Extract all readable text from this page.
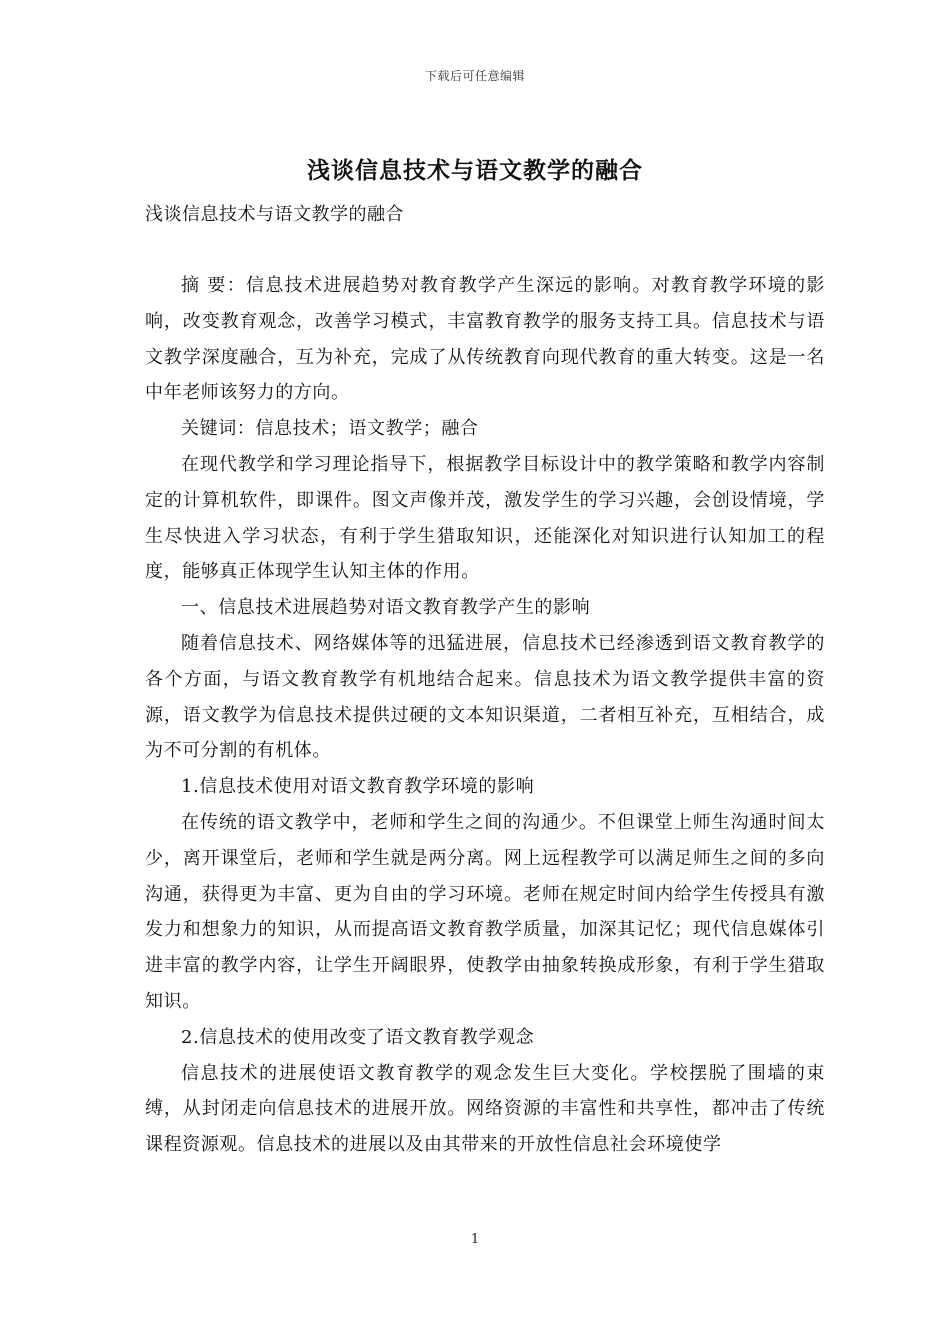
下载后可任意编辑
浅谈信息技术与语文教学的融合
浅谈信息技术与语文教学的融合

摘 要：信息技术进展趋势对教育教学产生深远的影响。对教育教学环境的影响，改变教育观念，改善学习模式，丰富教育教学的服务支持工具。信息技术与语文教学深度融合，互为补充，完成了从传统教育向现代教育的重大转变。这是一名中年老师该努力的方向。

关键词：信息技术；语文教学；融合

在现代教学和学习理论指导下，根据教学目标设计中的教学策略和教学内容制定的计算机软件，即课件。图文声像并茂，激发学生的学习兴趣，会创设情境，学生尽快进入学习状态，有利于学生猎取知识，还能深化对知识进行认知加工的程度，能够真正体现学生认知主体的作用。

一、信息技术进展趋势对语文教育教学产生的影响

随着信息技术、网络媒体等的迅猛进展，信息技术已经渗透到语文教育教学的各个方面，与语文教育教学有机地结合起来。信息技术为语文教学提供丰富的资源，语文教学为信息技术提供过硬的文本知识渠道，二者相互补充，互相结合，成为不可分割的有机体。

1.信息技术使用对语文教育教学环境的影响

在传统的语文教学中，老师和学生之间的沟通少。不但课堂上师生沟通时间太少，离开课堂后，老师和学生就是两分离。网上远程教学可以满足师生之间的多向沟通，获得更为丰富、更为自由的学习环境。老师在规定时间内给学生传授具有激发力和想象力的知识，从而提高语文教育教学质量，加深其记忆；现代信息媒体引进丰富的教学内容，让学生开阔眼界，使教学由抽象转换成形象，有利于学生猎取知识。

2.信息技术的使用改变了语文教育教学观念

信息技术的进展使语文教育教学的观念发生巨大变化。学校摆脱了围墙的束缚，从封闭走向信息技术的进展开放。网络资源的丰富性和共享性，都冲击了传统课程资源观。信息技术的进展以及由其带来的开放性信息社会环境使学

1
